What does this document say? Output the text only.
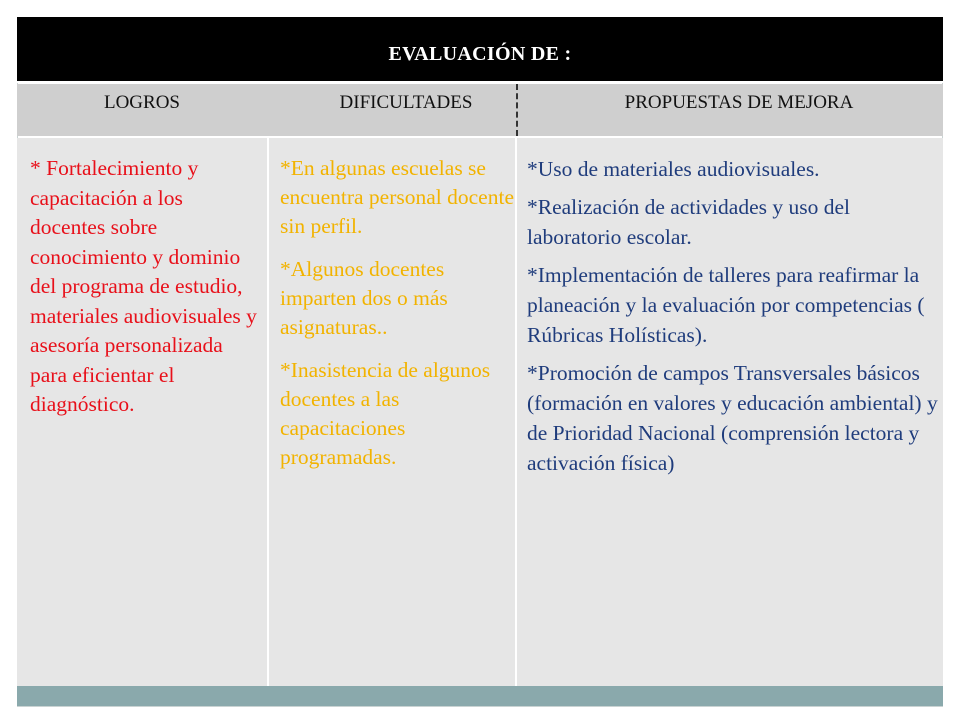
EVALUACIÓN DE :
LOGROS	DIFICULTADES	PROPUESTAS DE MEJORA
* Fortalecimiento y capacitación a los docentes sobre conocimiento y dominio del programa de estudio, materiales audiovisuales y asesoría personalizada para eficientar el diagnóstico.

*En algunas escuelas se encuentra personal docente sin perfil.

*Algunos docentes imparten dos o más asignaturas..

*Inasistencia de algunos docentes a las capacitaciones programadas.

*Uso de materiales audiovisuales.

*Realización de actividades y uso del laboratorio escolar.

*Implementación de talleres para reafirmar la planeación y la evaluación por competencias ( Rúbricas Holísticas).

*Promoción de campos Transversales básicos (formación en valores y educación ambiental) y de Prioridad Nacional (comprensión lectora y activación física)
